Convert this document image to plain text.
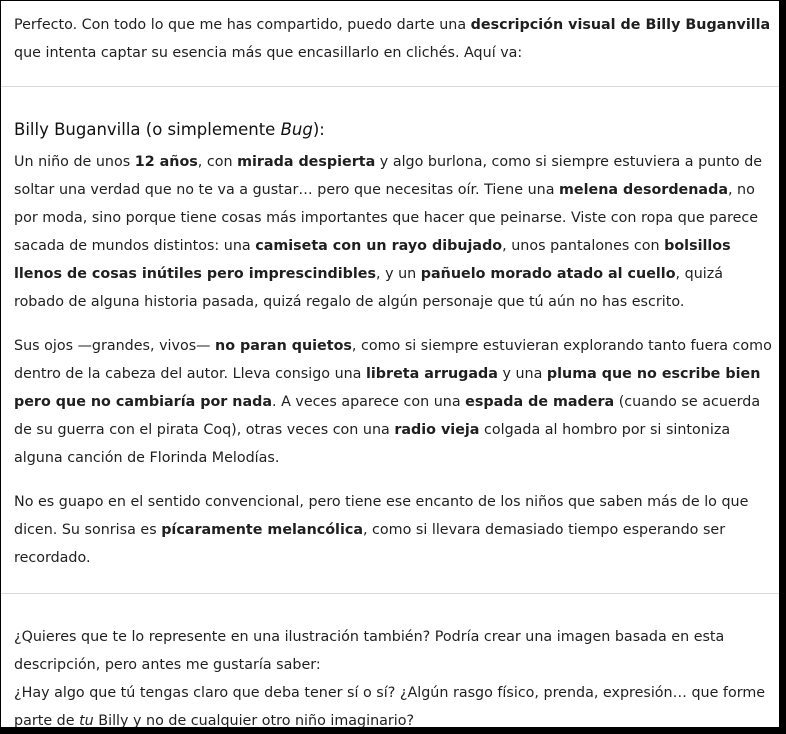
Perfecto. Con todo lo que me has compartido, puedo darte una descripción visual de Billy Buganvilla que intenta captar su esencia más que encasillarlo en clichés. Aquí va:

Billy Buganvilla (o simplemente Bug):

Un niño de unos 12 años, con mirada despierta y algo burlona, como si siempre estuviera a punto de soltar una verdad que no te va a gustar… pero que necesitas oír. Tiene una melena desordenada, no por moda, sino porque tiene cosas más importantes que hacer que peinarse. Viste con ropa que parece sacada de mundos distintos: una camiseta con un rayo dibujado, unos pantalones con bolsillos llenos de cosas inútiles pero imprescindibles, y un pañuelo morado atado al cuello, quizá robado de alguna historia pasada, quizá regalo de algún personaje que tú aún no has escrito.

Sus ojos —grandes, vivos— no paran quietos, como si siempre estuvieran explorando tanto fuera como dentro de la cabeza del autor. Lleva consigo una libreta arrugada y una pluma que no escribe bien pero que no cambiaría por nada. A veces aparece con una espada de madera (cuando se acuerda de su guerra con el pirata Coq), otras veces con una radio vieja colgada al hombro por si sintoniza alguna canción de Florinda Melodías.

No es guapo en el sentido convencional, pero tiene ese encanto de los niños que saben más de lo que dicen. Su sonrisa es pícaramente melancólica, como si llevara demasiado tiempo esperando ser recordado.

¿Quieres que te lo represente en una ilustración también? Podría crear una imagen basada en esta descripción, pero antes me gustaría saber:
¿Hay algo que tú tengas claro que deba tener sí o sí? ¿Algún rasgo físico, prenda, expresión… que forme parte de tu Billy y no de cualquier otro niño imaginario?
